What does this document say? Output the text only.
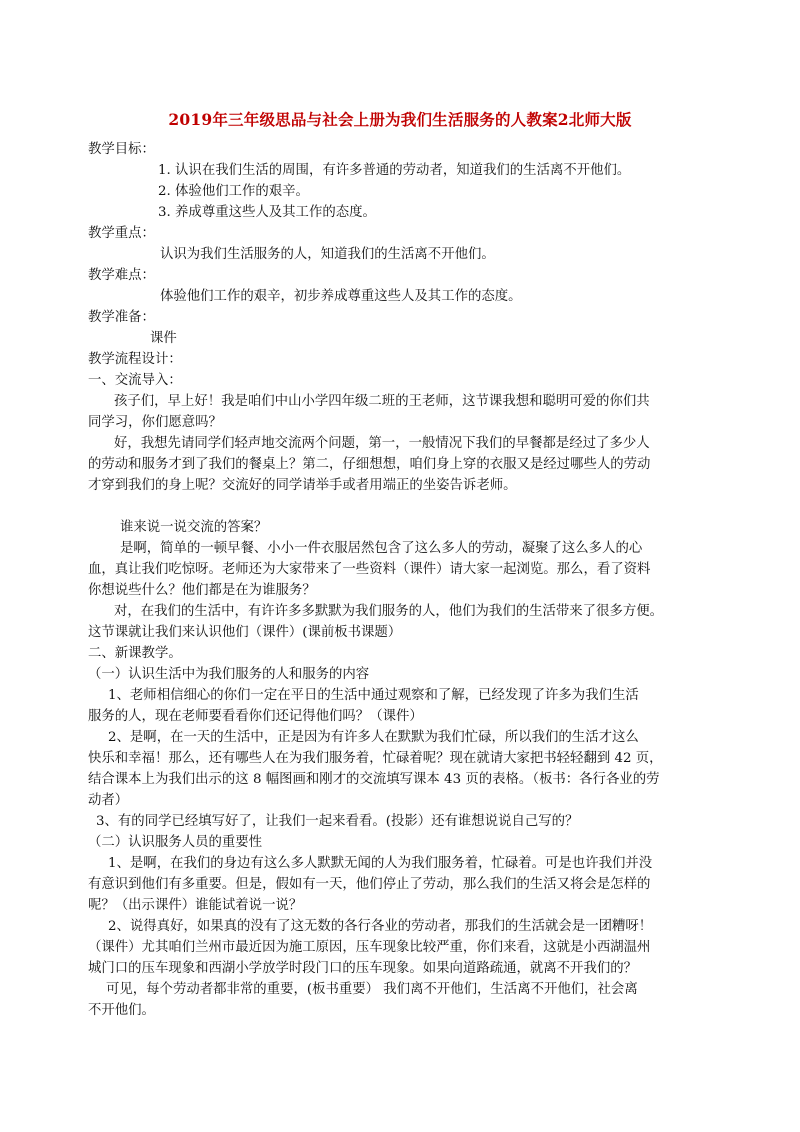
2019年三年级思品与社会上册为我们生活服务的人教案2北师大版
教学目标：
1. 认识在我们生活的周围，有许多普通的劳动者，知道我们的生活离不开他们。
2. 体验他们工作的艰辛。
3. 养成尊重这些人及其工作的态度。
教学重点：
认识为我们生活服务的人，知道我们的生活离不开他们。
教学难点：
体验他们工作的艰辛，初步养成尊重这些人及其工作的态度。
教学准备：
课件
教学流程设计：
一、交流导入：
孩子们，早上好！我是咱们中山小学四年级二班的王老师，这节课我想和聪明可爱的你们共
同学习，你们愿意吗？
好，我想先请同学们轻声地交流两个问题，第一，一般情况下我们的早餐都是经过了多少人
的劳动和服务才到了我们的餐桌上？第二，仔细想想，咱们身上穿的衣服又是经过哪些人的劳动
才穿到我们的身上呢？交流好的同学请举手或者用端正的坐姿告诉老师。
谁来说一说交流的答案？
是啊，简单的一顿早餐、小小一件衣服居然包含了这么多人的劳动，凝聚了这么多人的心
血，真让我们吃惊呀。老师还为大家带来了一些资料（课件）请大家一起浏览。那么，看了资料
你想说些什么？他们都是在为谁服务？
对，在我们的生活中，有许许多多默默为我们服务的人，他们为我们的生活带来了很多方便。
这节课就让我们来认识他们（课件）(课前板书课题）
二、新课教学。
（一）认识生活中为我们服务的人和服务的内容
1、老师相信细心的你们一定在平日的生活中通过观察和了解，已经发现了许多为我们生活
服务的人，现在老师要看看你们还记得他们吗？（课件）
2、是啊，在一天的生活中，正是因为有许多人在默默为我们忙碌，所以我们的生活才这么
快乐和幸福！那么，还有哪些人在为我们服务着，忙碌着呢？现在就请大家把书轻轻翻到 42 页，
结合课本上为我们出示的这 8 幅图画和刚才的交流填写课本 43 页的表格。（板书：各行各业的劳
动者）
3、有的同学已经填写好了，让我们一起来看看。(投影）还有谁想说说自己写的？
（二）认识服务人员的重要性
1、是啊，在我们的身边有这么多人默默无闻的人为我们服务着，忙碌着。可是也许我们并没
有意识到他们有多重要。但是，假如有一天，他们停止了劳动，那么我们的生活又将会是怎样的
呢？（出示课件）谁能试着说一说？
2、说得真好，如果真的没有了这无数的各行各业的劳动者，那我们的生活就会是一团糟呀！
（课件）尤其咱们兰州市最近因为施工原因，压车现象比较严重，你们来看，这就是小西湖温州
城门口的压车现象和西湖小学放学时段门口的压车现象。如果向道路疏通，就离不开我们的？
可见，每个劳动者都非常的重要，(板书重要） 我们离不开他们，生活离不开他们，社会离
不开他们。
